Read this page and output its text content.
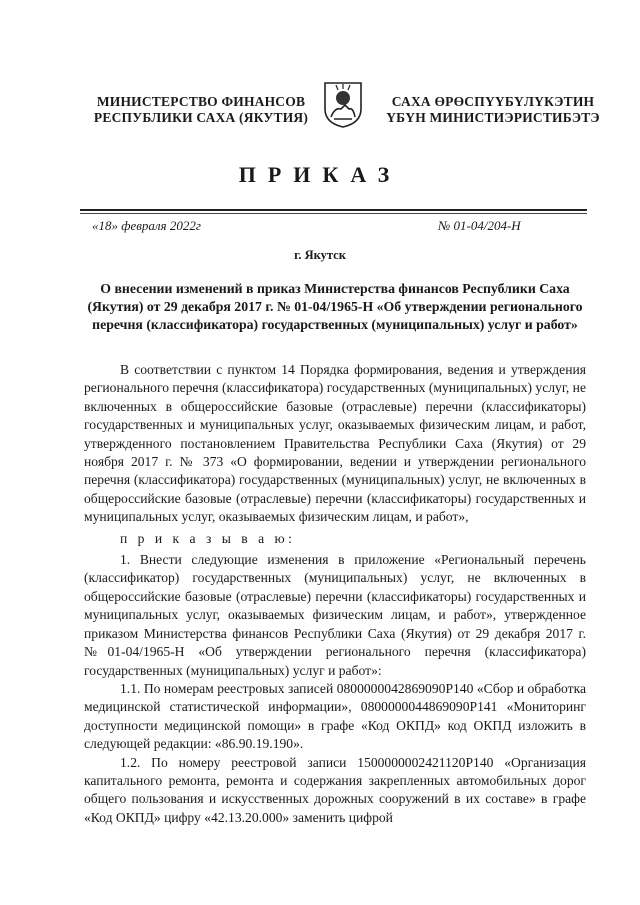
МИНИСТЕРСТВО ФИНАНСОВ
РЕСПУБЛИКИ САХА (ЯКУТИЯ)
САХА ӨРӨСПҮҮБҮЛҮКЭТИН
ҮБҮН МИНИСТИЭРИСТИБЭТЭ
ПРИКАЗ
«18» февраля 2022г	№ 01-04/204-Н
г. Якутск
О внесении изменений в приказ Министерства финансов Республики Саха (Якутия) от 29 декабря 2017 г. № 01-04/1965-Н «Об утверждении регионального перечня (классификатора) государственных (муниципальных) услуг и работ»

В соответствии с пунктом 14 Порядка формирования, ведения и утверждения регионального перечня (классификатора) государственных (муниципальных) услуг, не включенных в общероссийские базовые (отраслевые) перечни (классификаторы) государственных и муниципальных услуг, оказываемых физическим лицам, и работ, утвержденного постановлением Правительства Республики Саха (Якутия) от 29 ноября 2017 г. № 373 «О формировании, ведении и утверждении регионального перечня (классификатора) государственных (муниципальных) услуг, не включенных в общероссийские базовые (отраслевые) перечни (классификаторы) государственных и муниципальных услуг, оказываемых физическим лицам, и работ»,

п р и к а з ы в а ю:

1. Внести следующие изменения в приложение «Региональный перечень (классификатор) государственных (муниципальных) услуг, не включенных в общероссийские базовые (отраслевые) перечни (классификаторы) государственных и муниципальных услуг, оказываемых физическим лицам, и работ», утвержденное приказом Министерства финансов Республики Саха (Якутия) от 29 декабря 2017 г. №01-04/1965-Н «Об утверждении регионального перечня (классификатора) государственных (муниципальных) услуг и работ»:

1.1. По номерам реестровых записей 0800000042869090Р140 «Сбор и обработка медицинской статистической информации», 0800000044869090Р141 «Мониторинг доступности медицинской помощи» в графе «Код ОКПД» код ОКПД изложить в следующей редакции: «86.90.19.190».

1.2. По номеру реестровой записи 1500000002421120Р140 «Организация капитального ремонта, ремонта и содержания закрепленных автомобильных дорог общего пользования и искусственных дорожных сооружений в их составе» в графе «Код ОКПД» цифру «42.13.20.000» заменить цифрой
